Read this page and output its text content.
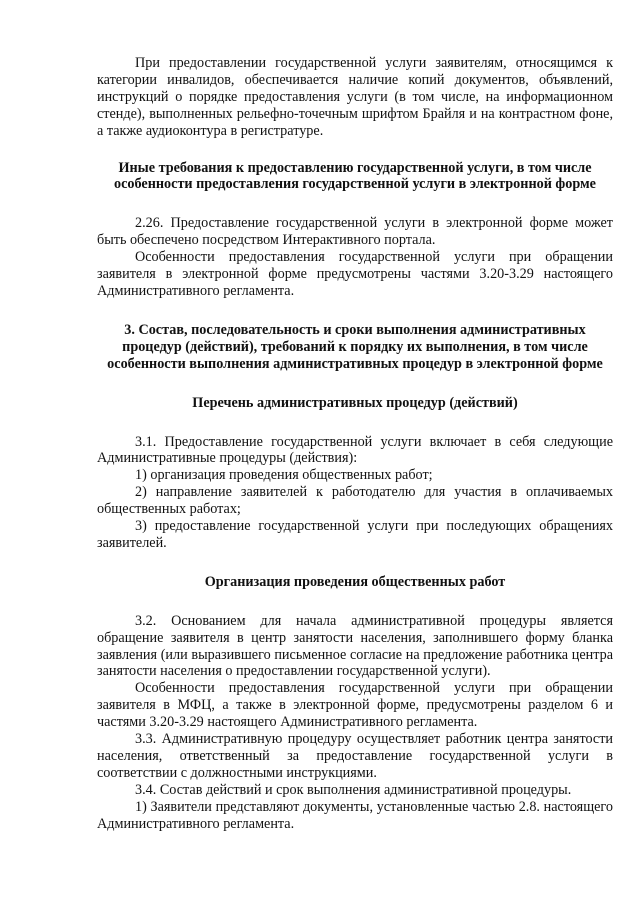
При предоставлении государственной услуги заявителям, относящимся к категории инвалидов, обеспечивается наличие копий документов, объявлений, инструкций о порядке предоставления услуги (в том числе, на информационном стенде), выполненных рельефно-точечным шрифтом Брайля и на контрастном фоне, а также аудиоконтура в регистратуре.

Иные требования к предоставлению государственной услуги, в том числе особенности предоставления государственной услуги в электронной форме

2.26. Предоставление государственной услуги в электронной форме может быть обеспечено посредством Интерактивного портала.

Особенности предоставления государственной услуги при обращении заявителя в электронной форме предусмотрены частями 3.20-3.29 настоящего Административного регламента.

3. Состав, последовательность и сроки выполнения административных процедур (действий), требований к порядку их выполнения, в том числе особенности выполнения административных процедур в электронной форме

Перечень административных процедур (действий)

3.1. Предоставление государственной услуги включает в себя следующие Административные процедуры (действия):

1) организация проведения общественных работ;

2) направление заявителей к работодателю для участия в оплачиваемых общественных работах;

3) предоставление государственной услуги при последующих обращениях заявителей.

Организация проведения общественных работ

3.2. Основанием для начала административной процедуры является обращение заявителя в центр занятости населения, заполнившего форму бланка заявления (или выразившего письменное согласие на предложение работника центра занятости населения о предоставлении государственной услуги).

Особенности предоставления государственной услуги при обращении заявителя в МФЦ, а также в электронной форме, предусмотрены разделом 6 и частями 3.20-3.29 настоящего Административного регламента.

3.3. Административную процедуру осуществляет работник центра занятости населения, ответственный за предоставление государственной услуги в соответствии с должностными инструкциями.

3.4. Состав действий и срок выполнения административной процедуры.

1) Заявители представляют документы, установленные частью 2.8. настоящего Административного регламента.
